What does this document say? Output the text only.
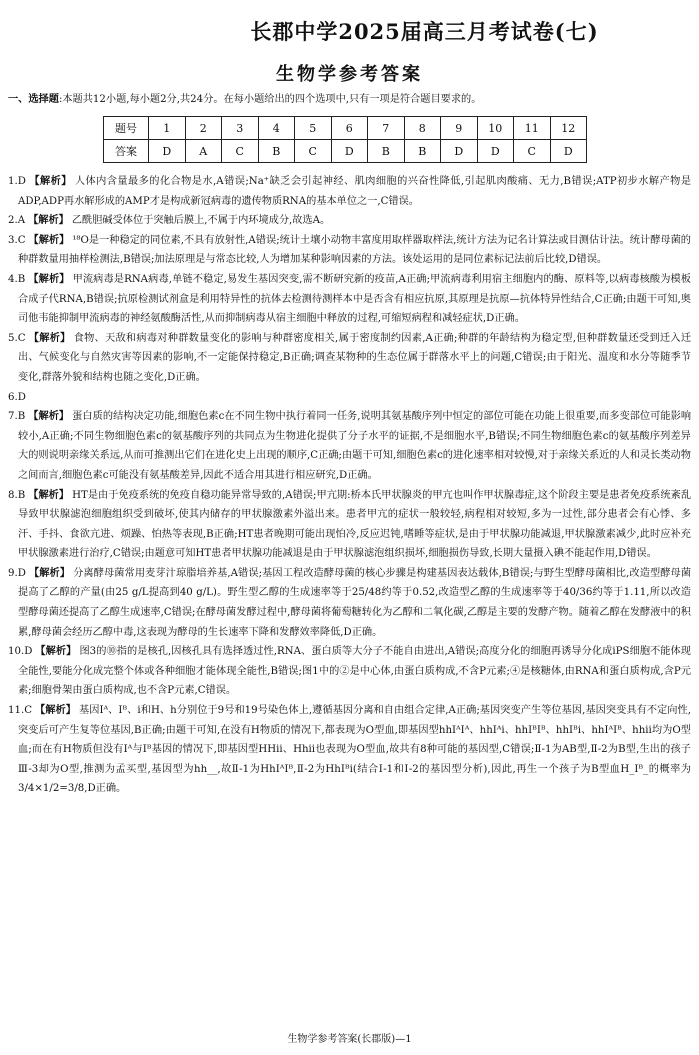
长郡中学2025届高三月考试卷(七)
生物学参考答案
一、选择题:本题共12小题,每小题2分,共24分。在每小题给出的四个选项中,只有一项是符合题目要求的。
题号	1	2	3	4	5	6	7	8	9	10	11	12
答案	D	A	C	B	C	D	B	B	D	D	C	D

1.D 【解析】 人体内含量最多的化合物是水,A错误;Na⁺缺乏会引起神经、肌肉细胞的兴奋性降低,引起肌肉酸痛、无力,B错误;ATP初步水解产物是ADP,ADP再水解形成的AMP才是构成新冠病毒的遗传物质RNA的基本单位之一,C错误。

2.A 【解析】 乙酰胆碱受体位于突触后膜上,不属于内环境成分,故选A。

3.C 【解析】 ¹⁸O是一种稳定的同位素,不具有放射性,A错误;统计土壤小动物丰富度用取样器取样法,统计方法为记名计算法或目测估计法。统计酵母菌的种群数量用抽样检测法,B错误;加法原理是与常态比较,人为增加某种影响因素的方法。该处运用的是同位素标记法前后比较,D错误。

4.B 【解析】 甲流病毒是RNA病毒,单链不稳定,易发生基因突变,需不断研究新的疫苗,A正确;甲流病毒利用宿主细胞内的酶、原料等,以病毒核酸为模板合成子代RNA,B错误;抗原检测试剂盒是利用特异性的抗体去检测待测样本中是否含有相应抗原,其原理是抗原—抗体特异性结合,C正确;由题干可知,奥司他韦能抑制甲流病毒的神经氨酸酶活性,从而抑制病毒从宿主细胞中释放的过程,可缩短病程和减轻症状,D正确。

5.C 【解析】 食物、天敌和病毒对种群数量变化的影响与种群密度相关,属于密度制约因素,A正确;种群的年龄结构为稳定型,但种群数量还受到迁入迁出、气候变化与自然灾害等因素的影响,不一定能保持稳定,B正确;调查某物种的生态位属于群落水平上的问题,C错误;由于阳光、温度和水分等随季节变化,群落外貌和结构也随之变化,D正确。

6.D

7.B 【解析】 蛋白质的结构决定功能,细胞色素c在不同生物中执行着同一任务,说明其氨基酸序列中恒定的部位可能在功能上很重要,而多变部位可能影响较小,A正确;不同生物细胞色素c的氨基酸序列的共同点为生物进化提供了分子水平的证据,不是细胞水平,B错误;不同生物细胞色素c的氨基酸序列差异大的则说明亲缘关系远,从而可推测出它们在进化史上出现的顺序,C正确;由题干可知,细胞色素c的进化速率相对较慢,对于亲缘关系近的人和灵长类动物之间而言,细胞色素c可能没有氨基酸差异,因此不适合用其进行相应研究,D正确。

8.B 【解析】 HT是由于免疫系统的免疫自稳功能异常导致的,A错误;甲亢期:桥本氏甲状腺炎的甲亢也叫作甲状腺毒症,这个阶段主要是患者免疫系统紊乱导致甲状腺滤泡细胞组织受到破坏,使其内储存的甲状腺激素外溢出来。患者甲亢的症状一般较轻,病程相对较短,多为一过性,部分患者会有心悸、多汗、手抖、食欲亢进、烦躁、怕热等表现,B正确;HT患者晚期可能出现怕冷,反应迟钝,嗜睡等症状,是由于甲状腺功能减退,甲状腺激素减少,此时应补充甲状腺激素进行治疗,C错误;由题意可知HT患者甲状腺功能减退是由于甲状腺滤泡组织损坏,细胞损伤导致,长期大量摄入碘不能起作用,D错误。

9.D 【解析】 分离酵母菌常用麦芽汁琼脂培养基,A错误;基因工程改造酵母菌的核心步骤是构建基因表达载体,B错误;与野生型酵母菌相比,改造型酵母菌提高了乙醇的产量(由25 g/L提高到40 g/L)。野生型乙醇的生成速率等于25/48约等于0.52,改造型乙醇的生成速率等于40/36约等于1.11,所以改造型酵母菌还提高了乙醇生成速率,C错误;在酵母菌发酵过程中,酵母菌将葡萄糖转化为乙醇和二氧化碳,乙醇是主要的发酵产物。随着乙醇在发酵液中的积累,酵母菌会经历乙醇中毒,这表现为酵母的生长速率下降和发酵效率降低,D正确。

10.D 【解析】 图3的⑩指的是核孔,因核孔具有选择透过性,RNA、蛋白质等大分子不能自由进出,A错误;高度分化的细胞再诱导分化成iPS细胞不能体现全能性,要能分化成完整个体或各种细胞才能体现全能性,B错误;图1中的②是中心体,由蛋白质构成,不含P元素;④是核糖体,由RNA和蛋白质构成,含P元素;细胞骨架由蛋白质构成,也不含P元素,C错误。

11.C 【解析】 基因Iᴬ、Iᴮ、i和H、h分别位于9号和19号染色体上,遵循基因分离和自由组合定律,A正确;基因突变产生等位基因,基因突变具有不定向性,突变后可产生复等位基因,B正确;由题干可知,在没有H物质的情况下,都表现为O型血,即基因型hhIᴬIᴬ、hhIᴬi、hhIᴮIᴮ、hhIᴮi、hhIᴬIᴮ、hhii均为O型血;而在有H物质但没有Iᴬ与Iᴮ基因的情况下,即基因型HHii、Hhii也表现为O型血,故共有8种可能的基因型,C错误;Ⅱ-1为AB型,Ⅱ-2为B型,生出的孩子Ⅲ-3却为O型,推测为孟买型,基因型为hh__,故Ⅱ-1为HhIᴬIᴮ,Ⅱ-2为HhIᴮi(结合Ⅰ-1和Ⅰ-2的基因型分析),因此,再生一个孩子为B型血H_Iᴮ_的概率为3/4×1/2=3/8,D正确。

生物学参考答案(长郡版)—1
